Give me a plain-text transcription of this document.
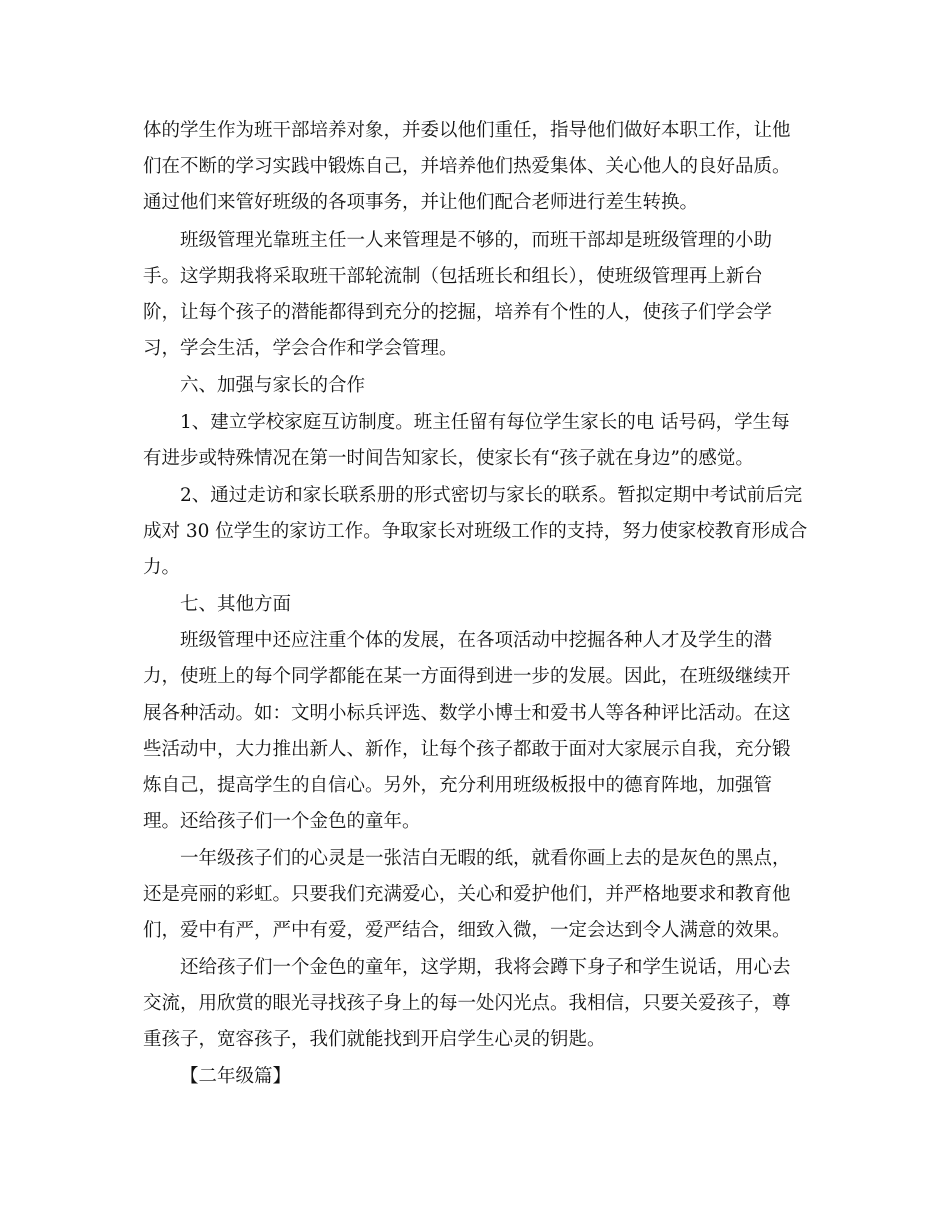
体的学生作为班干部培养对象，并委以他们重任，指导他们做好本职工作，让他

们在不断的学习实践中锻炼自己，并培养他们热爱集体、关心他人的良好品质。

通过他们来管好班级的各项事务，并让他们配合老师进行差生转换。

班级管理光靠班主任一人来管理是不够的，而班干部却是班级管理的小助

手。这学期我将采取班干部轮流制（包括班长和组长），使班级管理再上新台

阶，让每个孩子的潜能都得到充分的挖掘，培养有个性的人，使孩子们学会学

习，学会生活，学会合作和学会管理。

六、加强与家长的合作

1、建立学校家庭互访制度。班主任留有每位学生家长的电 话号码，学生每

有进步或特殊情况在第一时间告知家长，使家长有“孩子就在身边”的感觉。

2、通过走访和家长联系册的形式密切与家长的联系。暂拟定期中考试前后完

成对 30 位学生的家访工作。争取家长对班级工作的支持，努力使家校教育形成合

力。

七、其他方面

班级管理中还应注重个体的发展，在各项活动中挖掘各种人才及学生的潜

力，使班上的每个同学都能在某一方面得到进一步的发展。因此，在班级继续开

展各种活动。如：文明小标兵评选、数学小博士和爱书人等各种评比活动。在这

些活动中，大力推出新人、新作，让每个孩子都敢于面对大家展示自我，充分锻

炼自己，提高学生的自信心。另外，充分利用班级板报中的德育阵地，加强管

理。还给孩子们一个金色的童年。

一年级孩子们的心灵是一张洁白无暇的纸，就看你画上去的是灰色的黑点，

还是亮丽的彩虹。只要我们充满爱心，关心和爱护他们，并严格地要求和教育他

们，爱中有严，严中有爱，爱严结合，细致入微，一定会达到令人满意的效果。

还给孩子们一个金色的童年，这学期，我将会蹲下身子和学生说话，用心去

交流，用欣赏的眼光寻找孩子身上的每一处闪光点。我相信，只要关爱孩子，尊

重孩子，宽容孩子，我们就能找到开启学生心灵的钥匙。

【二年级篇】
